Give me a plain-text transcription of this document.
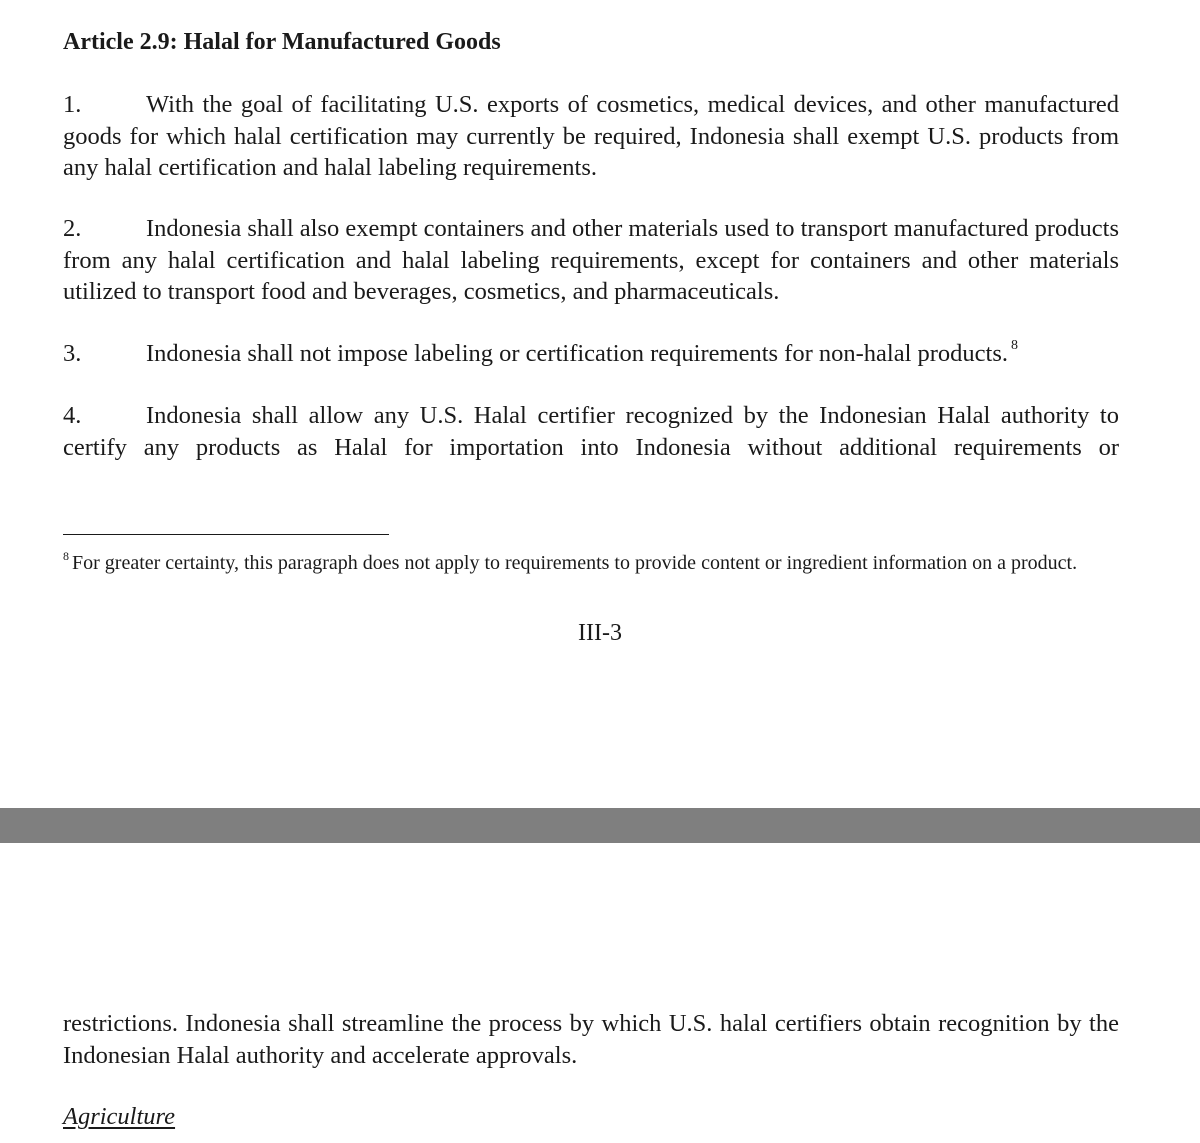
Article 2.9: Halal for Manufactured Goods

1.	With the goal of facilitating U.S. exports of cosmetics, medical devices, and other manufactured goods for which halal certification may currently be required, Indonesia shall exempt U.S. products from any halal certification and halal labeling requirements.

2.	Indonesia shall also exempt containers and other materials used to transport manufactured products from any halal certification and halal labeling requirements, except for containers and other materials utilized to transport food and beverages, cosmetics, and pharmaceuticals.

3.	Indonesia shall not impose labeling or certification requirements for non-halal products. $^8$

4.	Indonesia shall allow any U.S. Halal certifier recognized by the Indonesian Halal authority to certify any products as Halal for importation into Indonesia without additional requirements or

$^8$ For greater certainty, this paragraph does not apply to requirements to provide content or ingredient information on a product.

III-3

restrictions. Indonesia shall streamline the process by which U.S. halal certifiers obtain recognition by the Indonesian Halal authority and accelerate approvals.

Agriculture
